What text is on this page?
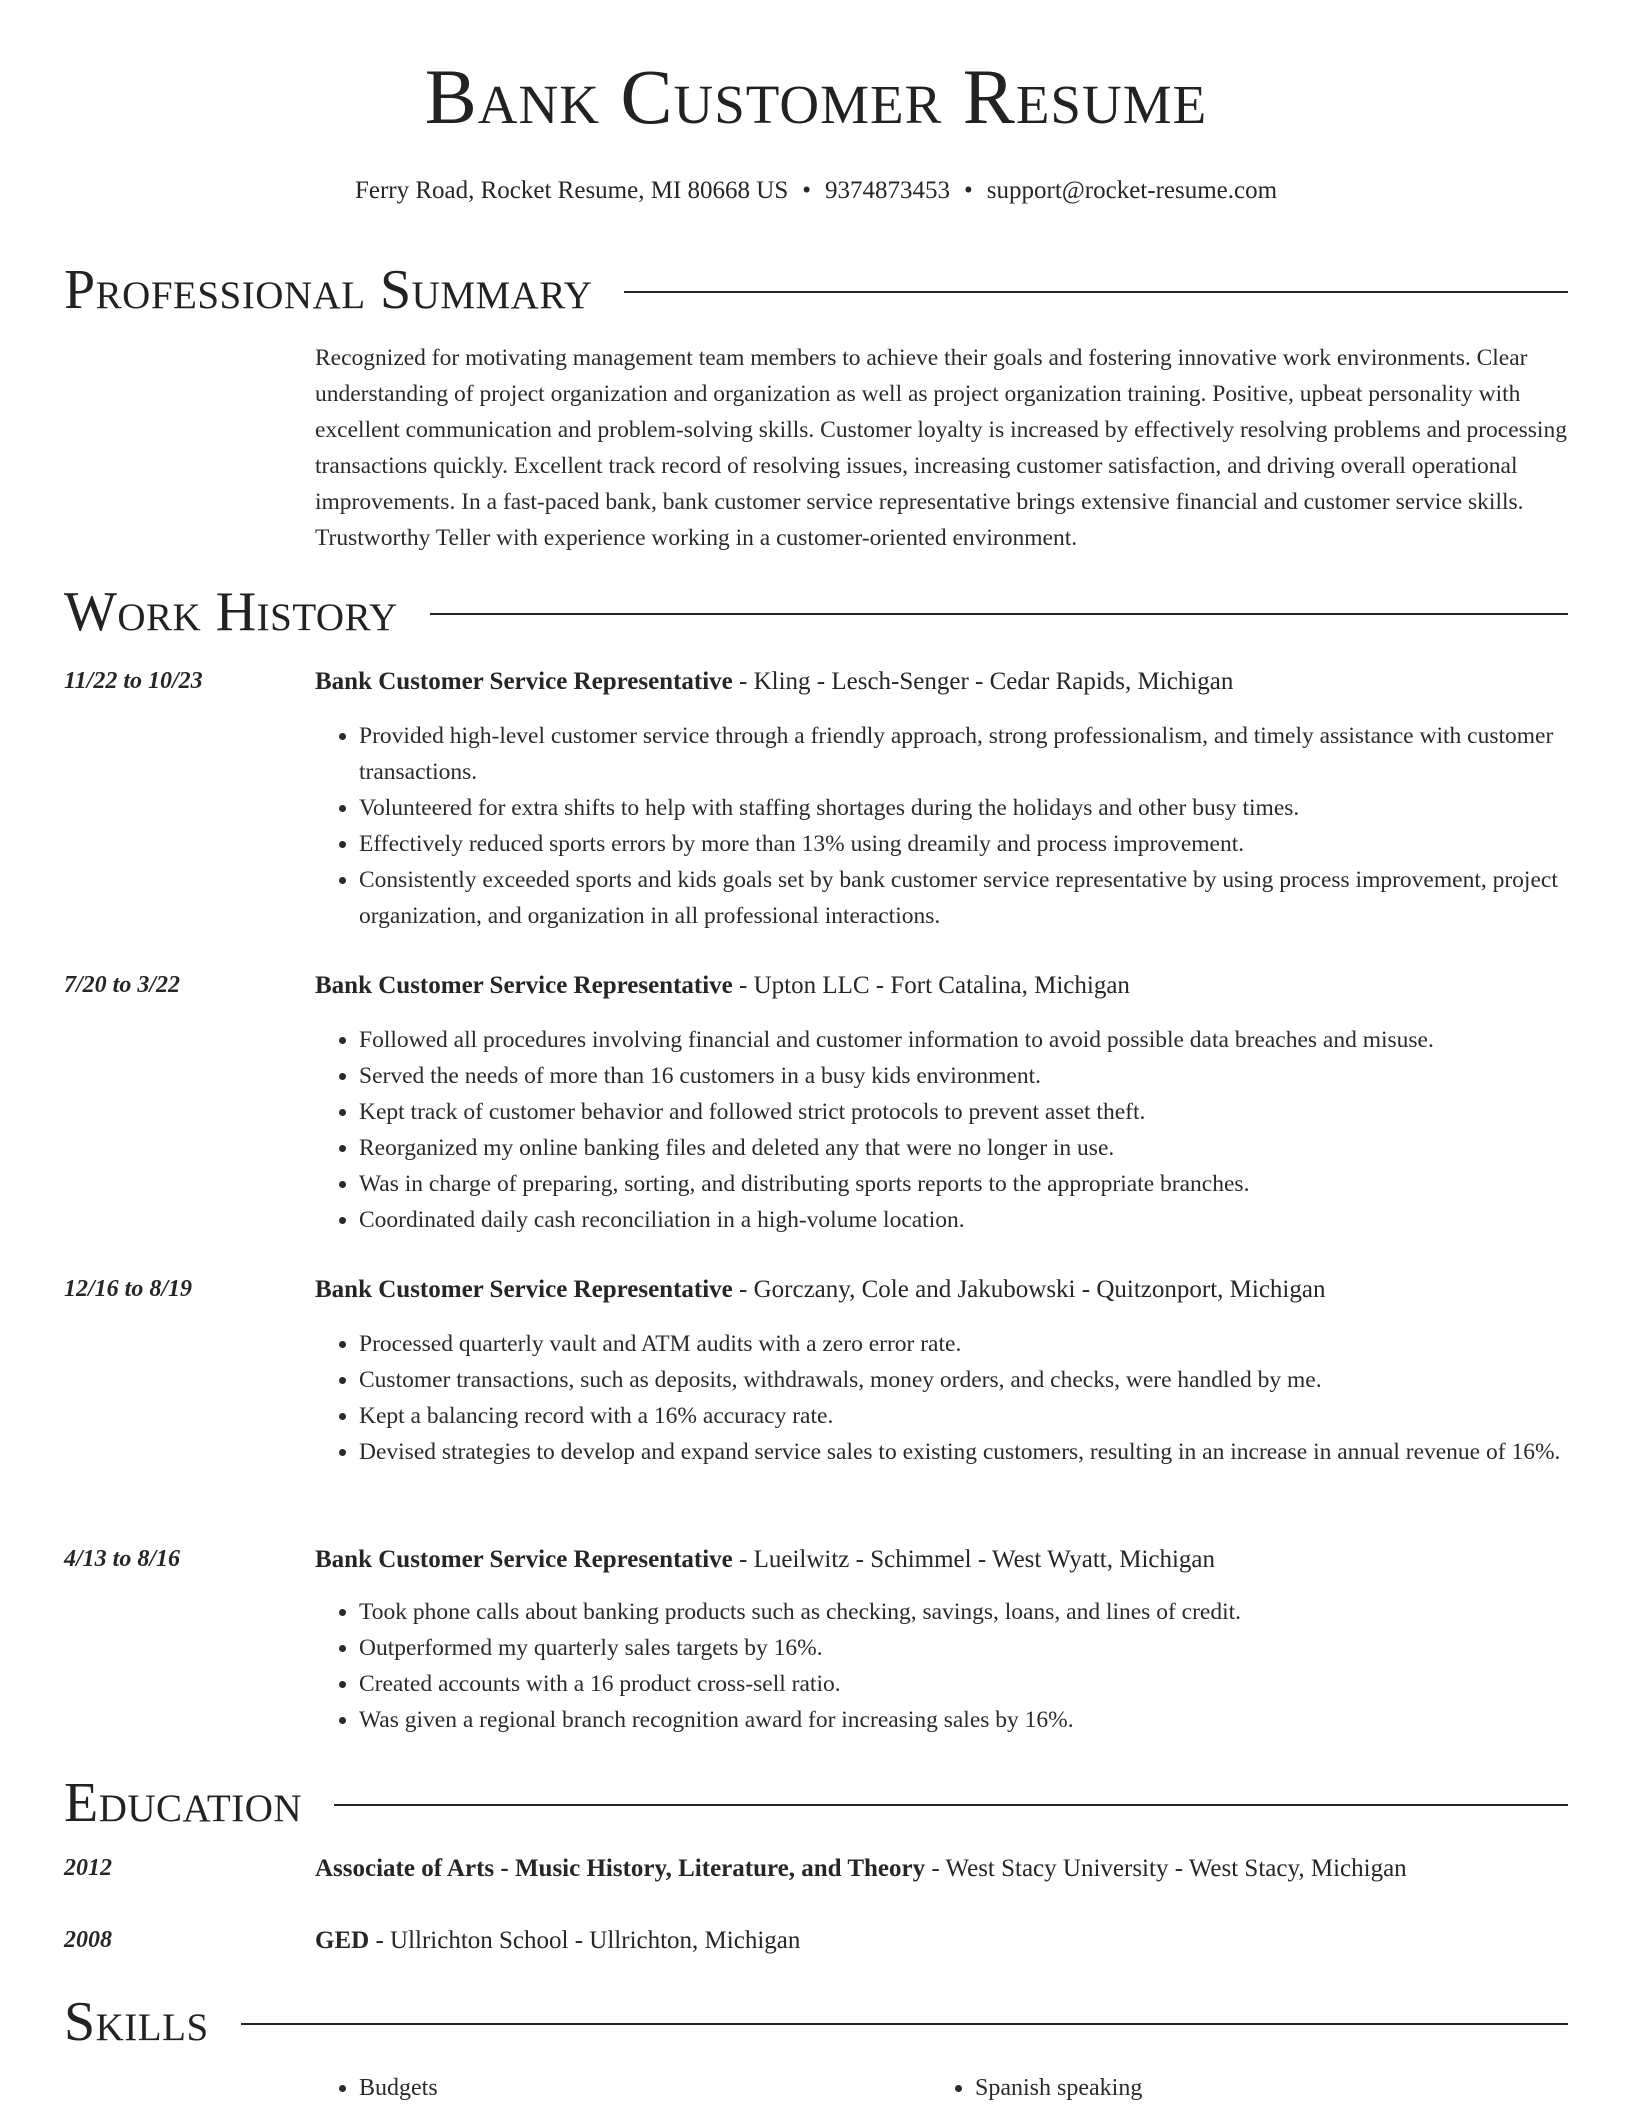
Bank Customer Resume
Ferry Road, Rocket Resume, MI 80668 US • 9374873453 • support@rocket-resume.com
Professional Summary

Recognized for motivating management team members to achieve their goals and fostering innovative work environments. Clear understanding of project organization and organization as well as project organization training. Positive, upbeat personality with excellent communication and problem-solving skills. Customer loyalty is increased by effectively resolving problems and processing transactions quickly. Excellent track record of resolving issues, increasing customer satisfaction, and driving overall operational improvements. In a fast-paced bank, bank customer service representative brings extensive financial and customer service skills. Trustworthy Teller with experience working in a customer-oriented environment.

Work History
11/22 to 10/23	Bank Customer Service Representative - Kling - Lesch-Senger - Cedar Rapids, Michigan
• Provided high-level customer service through a friendly approach, strong professionalism, and timely assistance with customer transactions.
• Volunteered for extra shifts to help with staffing shortages during the holidays and other busy times.
• Effectively reduced sports errors by more than 13% using dreamily and process improvement.
• Consistently exceeded sports and kids goals set by bank customer service representative by using process improvement, project organization, and organization in all professional interactions.
7/20 to 3/22	Bank Customer Service Representative - Upton LLC - Fort Catalina, Michigan
• Followed all procedures involving financial and customer information to avoid possible data breaches and misuse.
• Served the needs of more than 16 customers in a busy kids environment.
• Kept track of customer behavior and followed strict protocols to prevent asset theft.
• Reorganized my online banking files and deleted any that were no longer in use.
• Was in charge of preparing, sorting, and distributing sports reports to the appropriate branches.
• Coordinated daily cash reconciliation in a high-volume location.
12/16 to 8/19	Bank Customer Service Representative - Gorczany, Cole and Jakubowski - Quitzonport, Michigan
• Processed quarterly vault and ATM audits with a zero error rate.
• Customer transactions, such as deposits, withdrawals, money orders, and checks, were handled by me.
• Kept a balancing record with a 16% accuracy rate.
• Devised strategies to develop and expand service sales to existing customers, resulting in an increase in annual revenue of 16%.
4/13 to 8/16	Bank Customer Service Representative - Lueilwitz - Schimmel - West Wyatt, Michigan
• Took phone calls about banking products such as checking, savings, loans, and lines of credit.
• Outperformed my quarterly sales targets by 16%.
• Created accounts with a 16 product cross-sell ratio.
• Was given a regional branch recognition award for increasing sales by 16%.
Education
2012	Associate of Arts - Music History, Literature, and Theory - West Stacy University - West Stacy, Michigan
2008	GED - Ullrichton School - Ullrichton, Michigan
Skills
• Budgets
•	Spanish speaking
